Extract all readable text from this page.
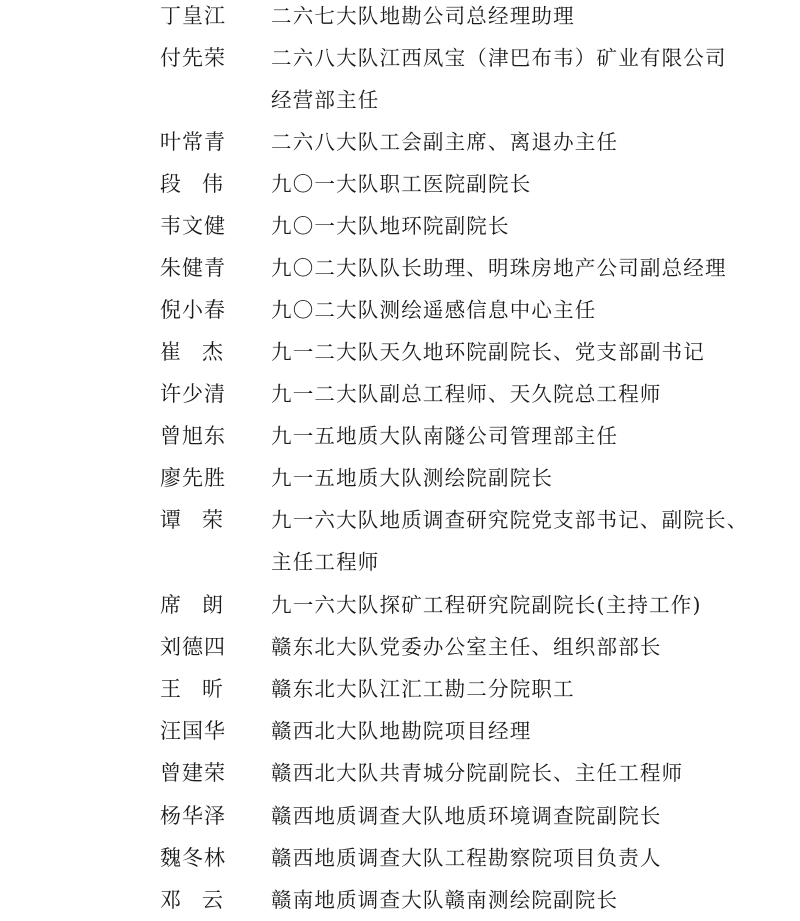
丁皇江 二六七大队地勘公司总经理助理
付先荣 二六八大队江西凤宝（津巴布韦）矿业有限公司
经营部主任
叶常青 二六八大队工会副主席、离退办主任
段 伟 九〇一大队职工医院副院长
韦文健 九〇一大队地环院副院长
朱健青 九〇二大队队长助理、明珠房地产公司副总经理
倪小春 九〇二大队测绘遥感信息中心主任
崔 杰 九一二大队天久地环院副院长、党支部副书记
许少清 九一二大队副总工程师、天久院总工程师
曾旭东 九一五地质大队南隧公司管理部主任
廖先胜 九一五地质大队测绘院副院长
谭 荣 九一六大队地质调查研究院党支部书记、副院长、
主任工程师
席 朗 九一六大队探矿工程研究院副院长(主持工作)
刘德四 赣东北大队党委办公室主任、组织部部长
王 昕 赣东北大队江汇工勘二分院职工
汪国华 赣西北大队地勘院项目经理
曾建荣 赣西北大队共青城分院副院长、主任工程师
杨华泽 赣西地质调查大队地质环境调查院副院长
魏冬林 赣西地质调查大队工程勘察院项目负责人
邓 云 赣南地质调查大队赣南测绘院副院长
